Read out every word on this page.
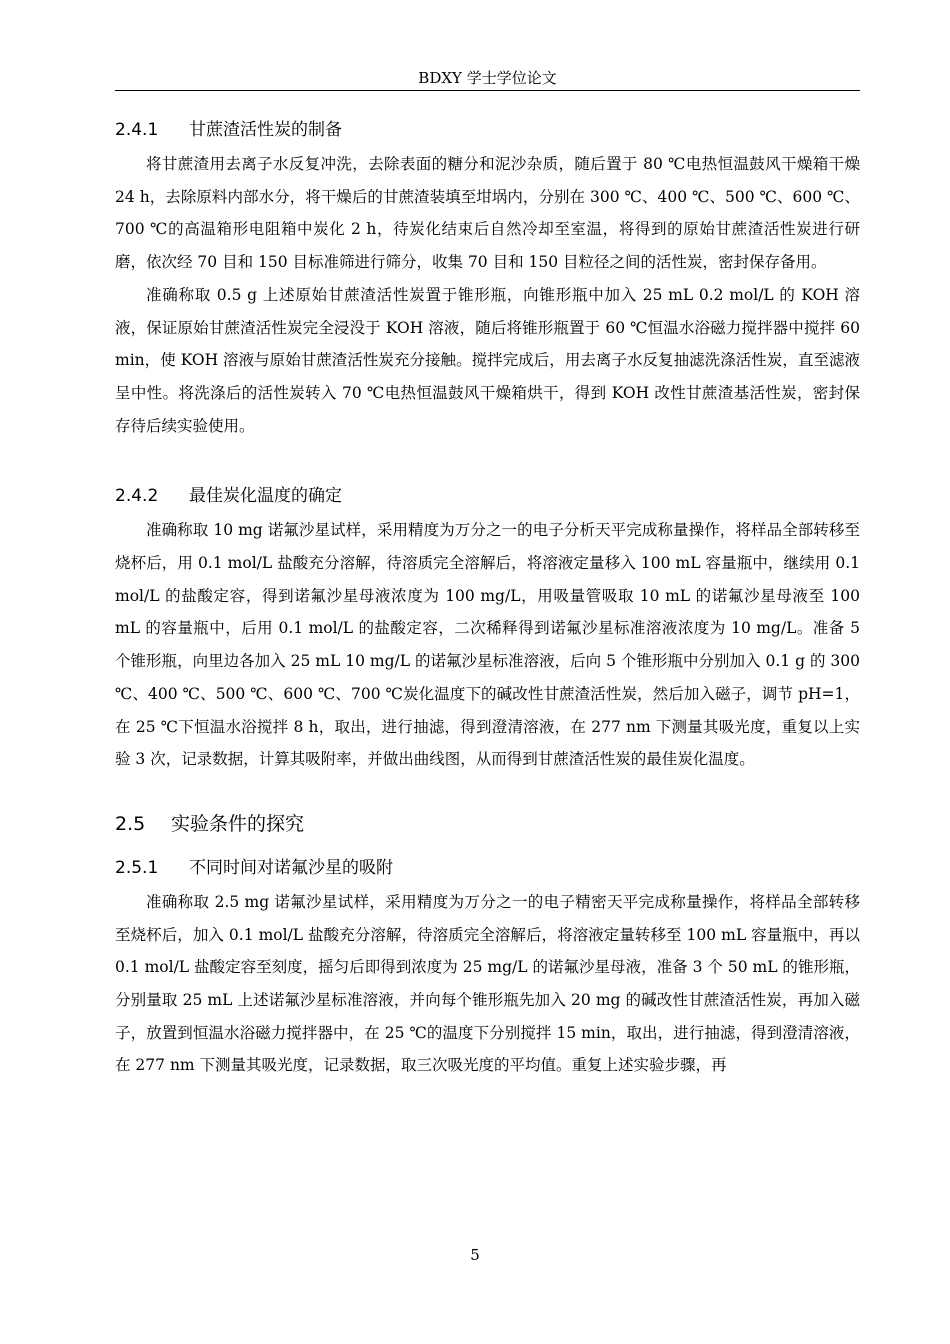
BDXY 学士学位论文
2.4.1 甘蔗渣活性炭的制备

将甘蔗渣用去离子水反复冲洗，去除表面的糖分和泥沙杂质，随后置于 80 ℃电热恒温鼓风干燥箱干燥 24 h，去除原料内部水分，将干燥后的甘蔗渣装填至坩埚内，分别在 300 ℃、400 ℃、500 ℃、600 ℃、700 ℃的高温箱形电阻箱中炭化 2 h，待炭化结束后自然冷却至室温，将得到的原始甘蔗渣活性炭进行研磨，依次经 70 目和 150 目标准筛进行筛分，收集 70 目和 150 目粒径之间的活性炭，密封保存备用。

准确称取 0.5 g 上述原始甘蔗渣活性炭置于锥形瓶，向锥形瓶中加入 25 mL 0.2 mol/L 的 KOH 溶液，保证原始甘蔗渣活性炭完全浸没于 KOH 溶液，随后将锥形瓶置于 60 ℃恒温水浴磁力搅拌器中搅拌 60 min，使 KOH 溶液与原始甘蔗渣活性炭充分接触。搅拌完成后，用去离子水反复抽滤洗涤活性炭，直至滤液呈中性。将洗涤后的活性炭转入 70 ℃电热恒温鼓风干燥箱烘干，得到 KOH 改性甘蔗渣基活性炭，密封保存待后续实验使用。

2.4.2 最佳炭化温度的确定

准确称取 10 mg 诺氟沙星试样，采用精度为万分之一的电子分析天平完成称量操作，将样品全部转移至烧杯后，用 0.1 mol/L 盐酸充分溶解，待溶质完全溶解后，将溶液定量移入 100 mL 容量瓶中，继续用 0.1 mol/L 的盐酸定容，得到诺氟沙星母液浓度为 100 mg/L，用吸量管吸取 10 mL 的诺氟沙星母液至 100 mL 的容量瓶中，后用 0.1 mol/L 的盐酸定容，二次稀释得到诺氟沙星标准溶液浓度为 10 mg/L。准备 5 个锥形瓶，向里边各加入 25 mL 10 mg/L 的诺氟沙星标准溶液，后向 5 个锥形瓶中分别加入 0.1 g 的 300 ℃、400 ℃、500 ℃、600 ℃、700 ℃炭化温度下的碱改性甘蔗渣活性炭，然后加入磁子，调节 pH=1，在 25 ℃下恒温水浴搅拌 8 h，取出，进行抽滤，得到澄清溶液，在 277 nm 下测量其吸光度，重复以上实验 3 次，记录数据，计算其吸附率，并做出曲线图，从而得到甘蔗渣活性炭的最佳炭化温度。

2.5 实验条件的探究
2.5.1 不同时间对诺氟沙星的吸附

准确称取 2.5 mg 诺氟沙星试样，采用精度为万分之一的电子精密天平完成称量操作，将样品全部转移至烧杯后，加入 0.1 mol/L 盐酸充分溶解，待溶质完全溶解后，将溶液定量转移至 100 mL 容量瓶中，再以 0.1 mol/L 盐酸定容至刻度，摇匀后即得到浓度为 25 mg/L 的诺氟沙星母液，准备 3 个 50 mL 的锥形瓶，分别量取 25 mL 上述诺氟沙星标准溶液，并向每个锥形瓶先加入 20 mg 的碱改性甘蔗渣活性炭，再加入磁子，放置到恒温水浴磁力搅拌器中，在 25 ℃的温度下分别搅拌 15 min，取出，进行抽滤，得到澄清溶液，在 277 nm 下测量其吸光度，记录数据，取三次吸光度的平均值。重复上述实验步骤，再

5
